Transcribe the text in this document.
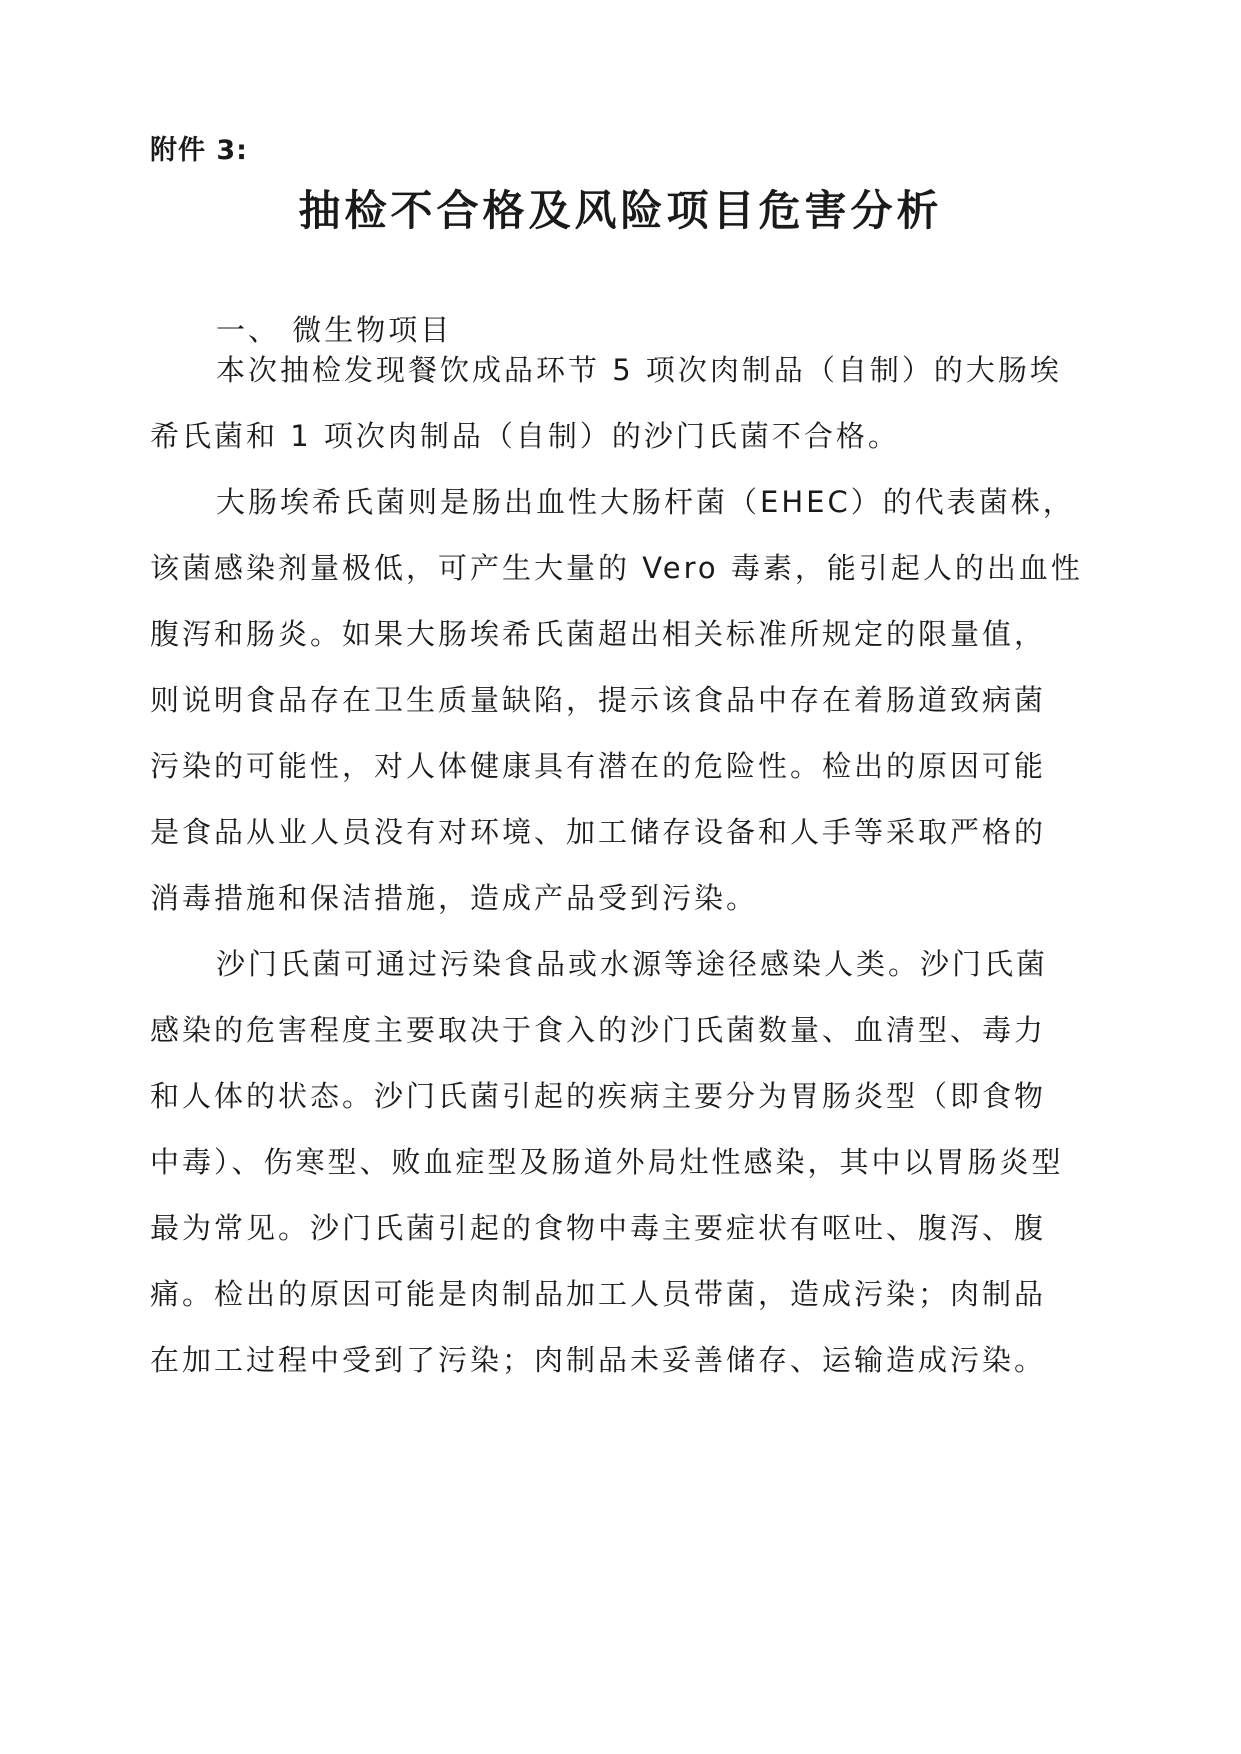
附件 3:
抽检不合格及风险项目危害分析
一、 微生物项目
本次抽检发现餐饮成品环节 5 项次肉制品（自制）的大肠埃
希氏菌和 1 项次肉制品（自制）的沙门氏菌不合格。
大肠埃希氏菌则是肠出血性大肠杆菌（EHEC）的代表菌株，
该菌感染剂量极低，可产生大量的 Vero 毒素，能引起人的出血性
腹泻和肠炎。如果大肠埃希氏菌超出相关标准所规定的限量值，
则说明食品存在卫生质量缺陷，提示该食品中存在着肠道致病菌
污染的可能性，对人体健康具有潜在的危险性。检出的原因可能
是食品从业人员没有对环境、加工储存设备和人手等采取严格的
消毒措施和保洁措施，造成产品受到污染。
沙门氏菌可通过污染食品或水源等途径感染人类。沙门氏菌
感染的危害程度主要取决于食入的沙门氏菌数量、血清型、毒力
和人体的状态。沙门氏菌引起的疾病主要分为胃肠炎型（即食物
中毒）、伤寒型、败血症型及肠道外局灶性感染，其中以胃肠炎型
最为常见。沙门氏菌引起的食物中毒主要症状有呕吐、腹泻、腹
痛。检出的原因可能是肉制品加工人员带菌，造成污染；肉制品
在加工过程中受到了污染；肉制品未妥善储存、运输造成污染。
